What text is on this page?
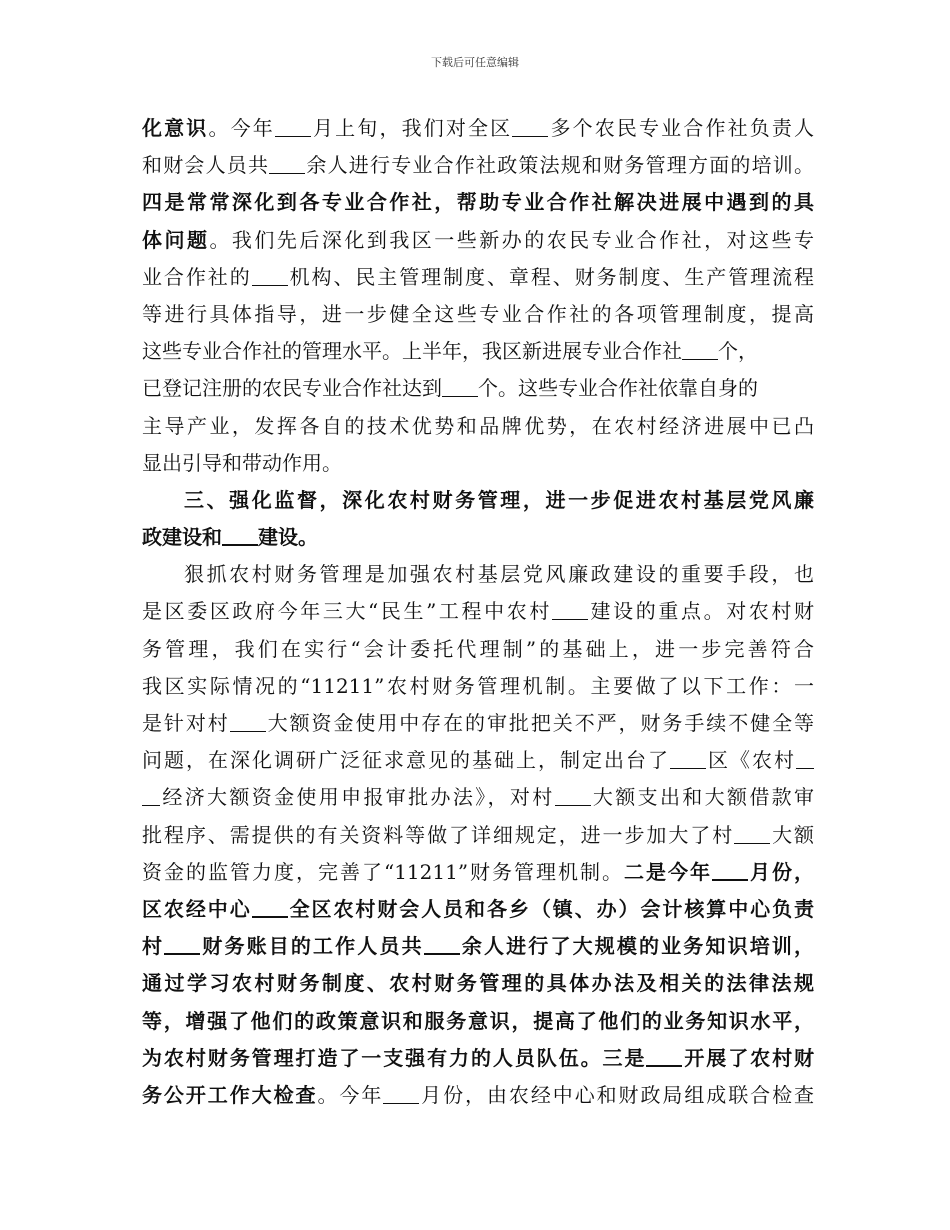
下载后可任意编辑
化意识。今年 月上旬，我们对全区 多个农民专业合作社负责人
和财会人员共 余人进行专业合作社政策法规和财务管理方面的培训。
四是常常深化到各专业合作社，帮助专业合作社解决进展中遇到的具
体问题。我们先后深化到我区一些新办的农民专业合作社，对这些专
业合作社的 机构、民主管理制度、章程、财务制度、生产管理流程
等进行具体指导，进一步健全这些专业合作社的各项管理制度，提高
这些专业合作社的管理水平。上半年，我区新进展专业合作社 个，
已登记注册的农民专业合作社达到 个。这些专业合作社依靠自身的
主导产业，发挥各自的技术优势和品牌优势，在农村经济进展中已凸
显出引导和带动作用。
三、强化监督，深化农村财务管理，进一步促进农村基层党风廉
政建设和 建设。
狠抓农村财务管理是加强农村基层党风廉政建设的重要手段，也
是区委区政府今年三大“民生”工程中农村 建设的重点。对农村财
务管理，我们在实行“会计委托代理制”的基础上，进一步完善符合
我区实际情况的“11211”农村财务管理机制。主要做了以下工作：一
是针对村 大额资金使用中存在的审批把关不严，财务手续不健全等
问题，在深化调研广泛征求意见的基础上，制定出台了 区《农村
经济大额资金使用申报审批办法》，对村 大额支出和大额借款审
批程序、需提供的有关资料等做了详细规定，进一步加大了村 大额
资金的监管力度，完善了“11211”财务管理机制。二是今年 月份，
区农经中心 全区农村财会人员和各乡（镇、办）会计核算中心负责
村 财务账目的工作人员共 余人进行了大规模的业务知识培训，
通过学习农村财务制度、农村财务管理的具体办法及相关的法律法规
等，增强了他们的政策意识和服务意识，提高了他们的业务知识水平，
为农村财务管理打造了一支强有力的人员队伍。三是 开展了农村财
务公开工作大检查。今年 月份，由农经中心和财政局组成联合检查
